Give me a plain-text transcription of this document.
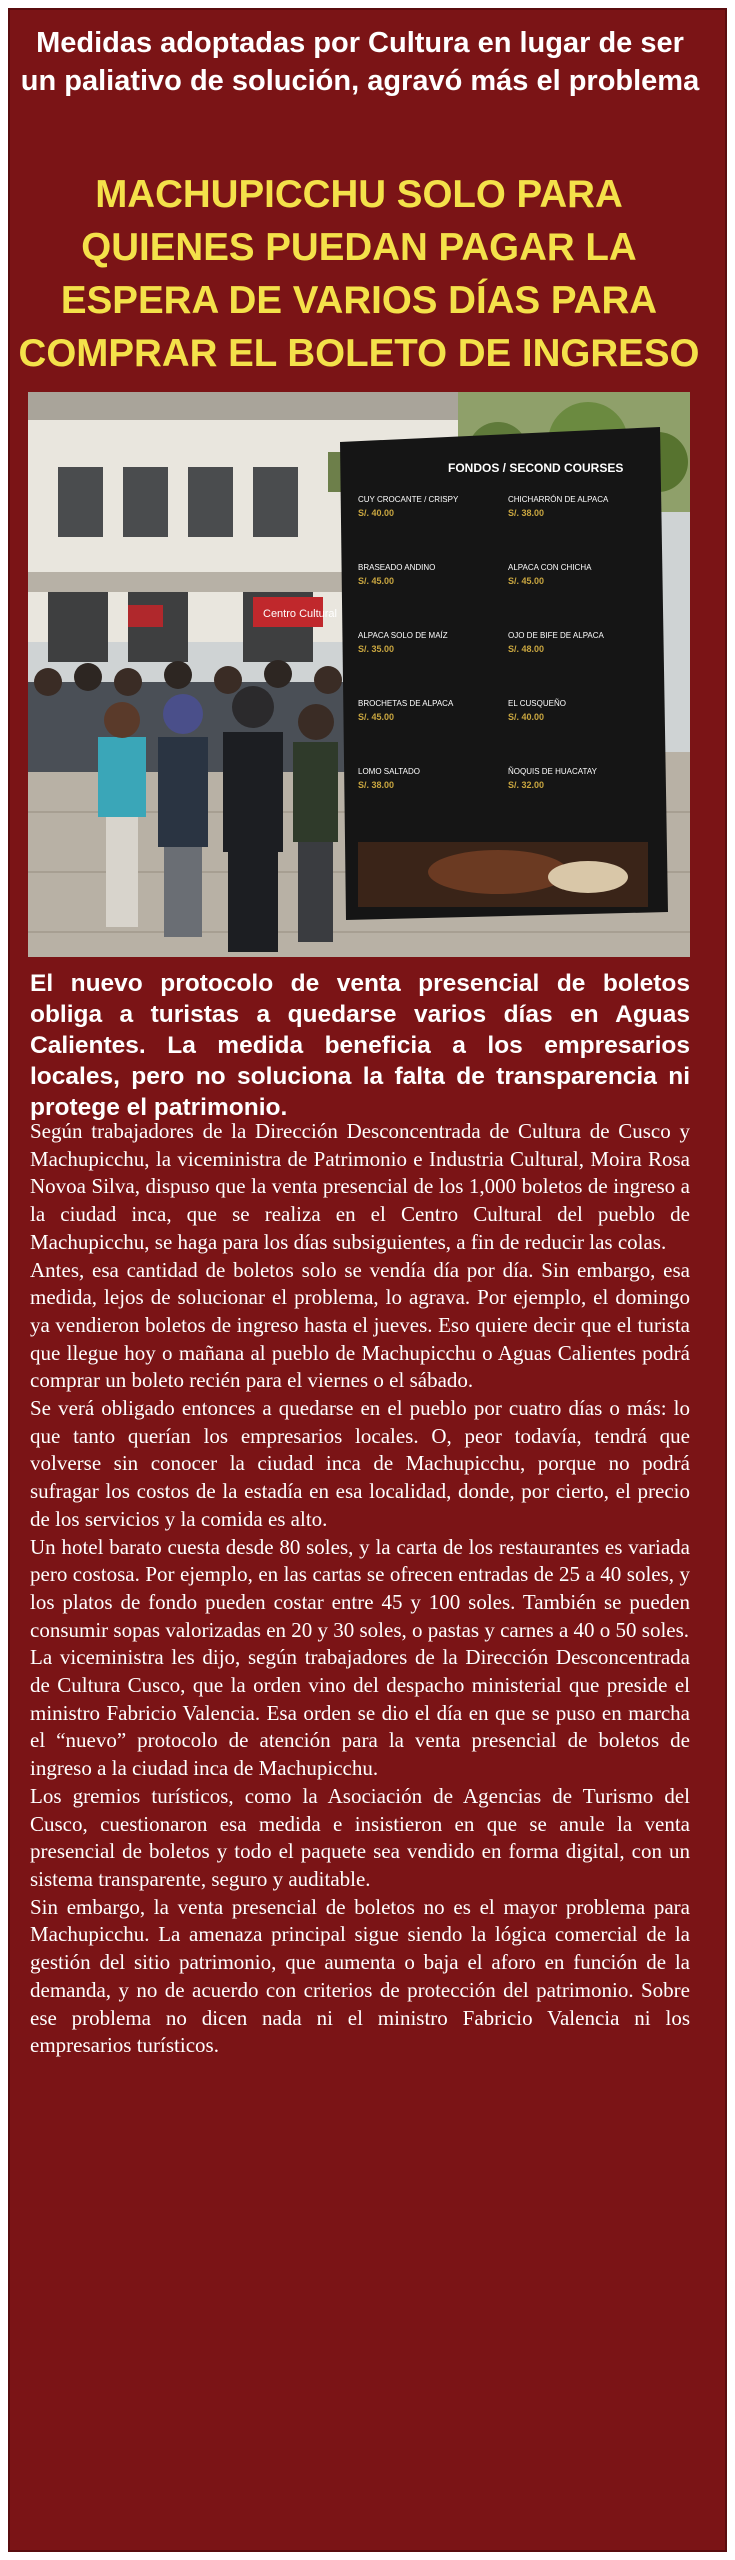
Medidas adoptadas por Cultura en lugar de ser un paliativo de solución, agravó más el problema
MACHUPICCHU SOLO PARA QUIENES PUEDAN PAGAR LA ESPERA DE VARIOS DÍAS PARA COMPRAR EL BOLETO DE INGRESO
Centro Cultural
FONDOS / SECOND COURSES
CUY CROCANTE / CRISPY
S/. 40.00
CHICHARRÓN DE ALPACA
S/. 38.00
BRASEADO ANDINO
S/. 45.00
ALPACA CON CHICHA
S/. 45.00
ALPACA SOLO DE MAÍZ
S/. 35.00
OJO DE BIFE DE ALPACA
S/. 48.00
BROCHETAS DE ALPACA
S/. 45.00
EL CUSQUEÑO
S/. 40.00
LOMO SALTADO
S/. 38.00
ÑOQUIS DE HUACATAY
S/. 32.00
El nuevo protocolo de venta presencial de boletos obliga a turistas a quedarse varios días en Aguas Calientes. La medida beneficia a los empresarios locales, pero no soluciona la falta de transparencia ni protege el patrimonio.

Según trabajadores de la Dirección Desconcentrada de Cultura de Cusco y Machupicchu, la viceministra de Patrimonio e Industria Cultural, Moira Rosa Novoa Silva, dispuso que la venta presencial de los 1,000 boletos de ingreso a la ciudad inca, que se realiza en el Centro Cultural del pueblo de Machupicchu, se haga para los días subsiguientes, a fin de reducir las colas.

Antes, esa cantidad de boletos solo se vendía día por día. Sin embargo, esa medida, lejos de solucionar el problema, lo agrava. Por ejemplo, el domingo ya vendieron boletos de ingreso hasta el jueves. Eso quiere decir que el turista que llegue hoy o mañana al pueblo de Machupicchu o Aguas Calientes podrá comprar un boleto recién para el viernes o el sábado.

Se verá obligado entonces a quedarse en el pueblo por cuatro días o más: lo que tanto querían los empresarios locales. O, peor todavía, tendrá que volverse sin conocer la ciudad inca de Machupicchu, porque no podrá sufragar los costos de la estadía en esa localidad, donde, por cierto, el precio de los servicios y la comida es alto.

Un hotel barato cuesta desde 80 soles, y la carta de los restaurantes es variada pero costosa. Por ejemplo, en las cartas se ofrecen entradas de 25 a 40 soles, y los platos de fondo pueden costar entre 45 y 100 soles. También se pueden consumir sopas valorizadas en 20 y 30 soles, o pastas y carnes a 40 o 50 soles.

La viceministra les dijo, según trabajadores de la Dirección Desconcentrada de Cultura Cusco, que la orden vino del despacho ministerial que preside el ministro Fabricio Valencia. Esa orden se dio el día en que se puso en marcha el “nuevo” protocolo de atención para la venta presencial de boletos de ingreso a la ciudad inca de Machupicchu.

Los gremios turísticos, como la Asociación de Agencias de Turismo del Cusco, cuestionaron esa medida e insistieron en que se anule la venta presencial de boletos y todo el paquete sea vendido en forma digital, con un sistema transparente, seguro y auditable.

Sin embargo, la venta presencial de boletos no es el mayor problema para Machupicchu. La amenaza principal sigue siendo la lógica comercial de la gestión del sitio patrimonio, que aumenta o baja el aforo en función de la demanda, y no de acuerdo con criterios de protección del patrimonio. Sobre ese problema no dicen nada ni el ministro Fabricio Valencia ni los empresarios turísticos.
